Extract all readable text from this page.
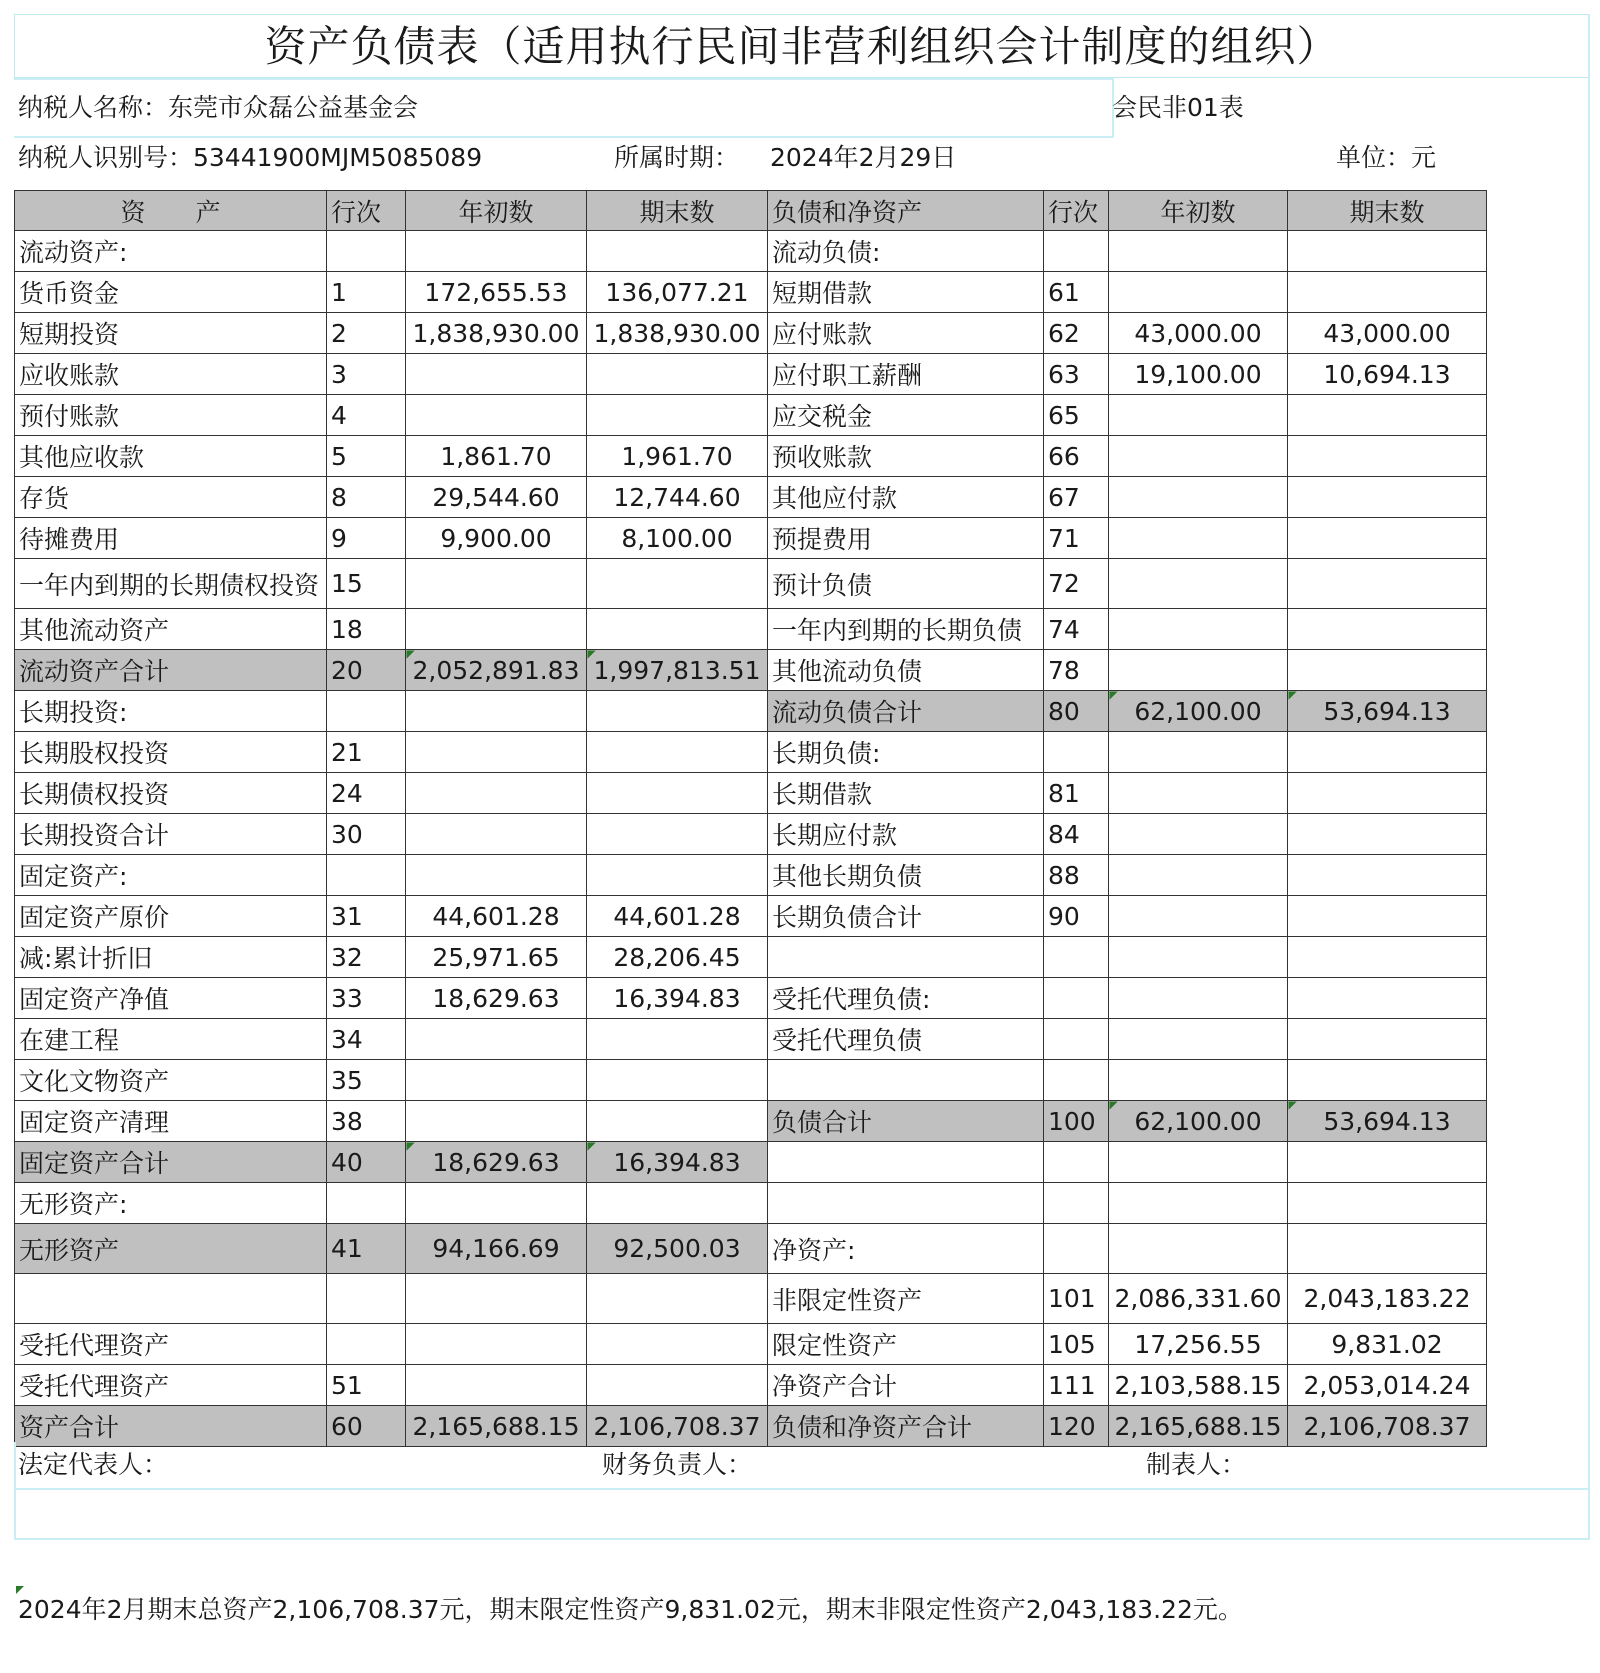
资产负债表（适用执行民间非营利组织会计制度的组织）
纳税人名称：东莞市众磊公益基金会	会民非01表
纳税人识别号：53441900MJM5085089	所属时期： 2024年2月29日	单位：元
资　　产	行次	年初数	期末数	负债和净资产	行次	年初数	期末数
流动资产:				流动负债:			
货币资金	1	172,655.53	136,077.21	短期借款	61		
短期投资	2	1,838,930.00	1,838,930.00	应付账款	62	43,000.00	43,000.00
应收账款	3			应付职工薪酬	63	19,100.00	10,694.13
预付账款	4			应交税金	65		
其他应收款	5	1,861.70	1,961.70	预收账款	66		
存货	8	29,544.60	12,744.60	其他应付款	67		
待摊费用	9	9,900.00	8,100.00	预提费用	71		
一年内到期的长期债权投资	15			预计负债	72		
其他流动资产	18			一年内到期的长期负债	74		
流动资产合计	20	2,052,891.83	1,997,813.51	其他流动负债	78		
长期投资:				流动负债合计	80	62,100.00	53,694.13
长期股权投资	21			长期负债:			
长期债权投资	24			长期借款	81		
长期投资合计	30			长期应付款	84		
固定资产:				其他长期负债	88		
固定资产原价	31	44,601.28	44,601.28	长期负债合计	90		
减:累计折旧	32	25,971.65	28,206.45				
固定资产净值	33	18,629.63	16,394.83	受托代理负债:			
在建工程	34			受托代理负债			
文化文物资产	35						
固定资产清理	38			负债合计	100	62,100.00	53,694.13
固定资产合计	40	18,629.63	16,394.83				
无形资产:							
无形资产	41	94,166.69	92,500.03	净资产:			
				非限定性资产	101	2,086,331.60	2,043,183.22
受托代理资产				限定性资产	105	17,256.55	9,831.02
受托代理资产	51			净资产合计	111	2,103,588.15	2,053,014.24
资产合计	60	2,165,688.15	2,106,708.37	负债和净资产合计	120	2,165,688.15	2,106,708.37
法定代表人：	财务负责人：	制表人：
2024年2月期末总资产2,106,708.37元，期末限定性资产9,831.02元，期末非限定性资产2,043,183.22元。
